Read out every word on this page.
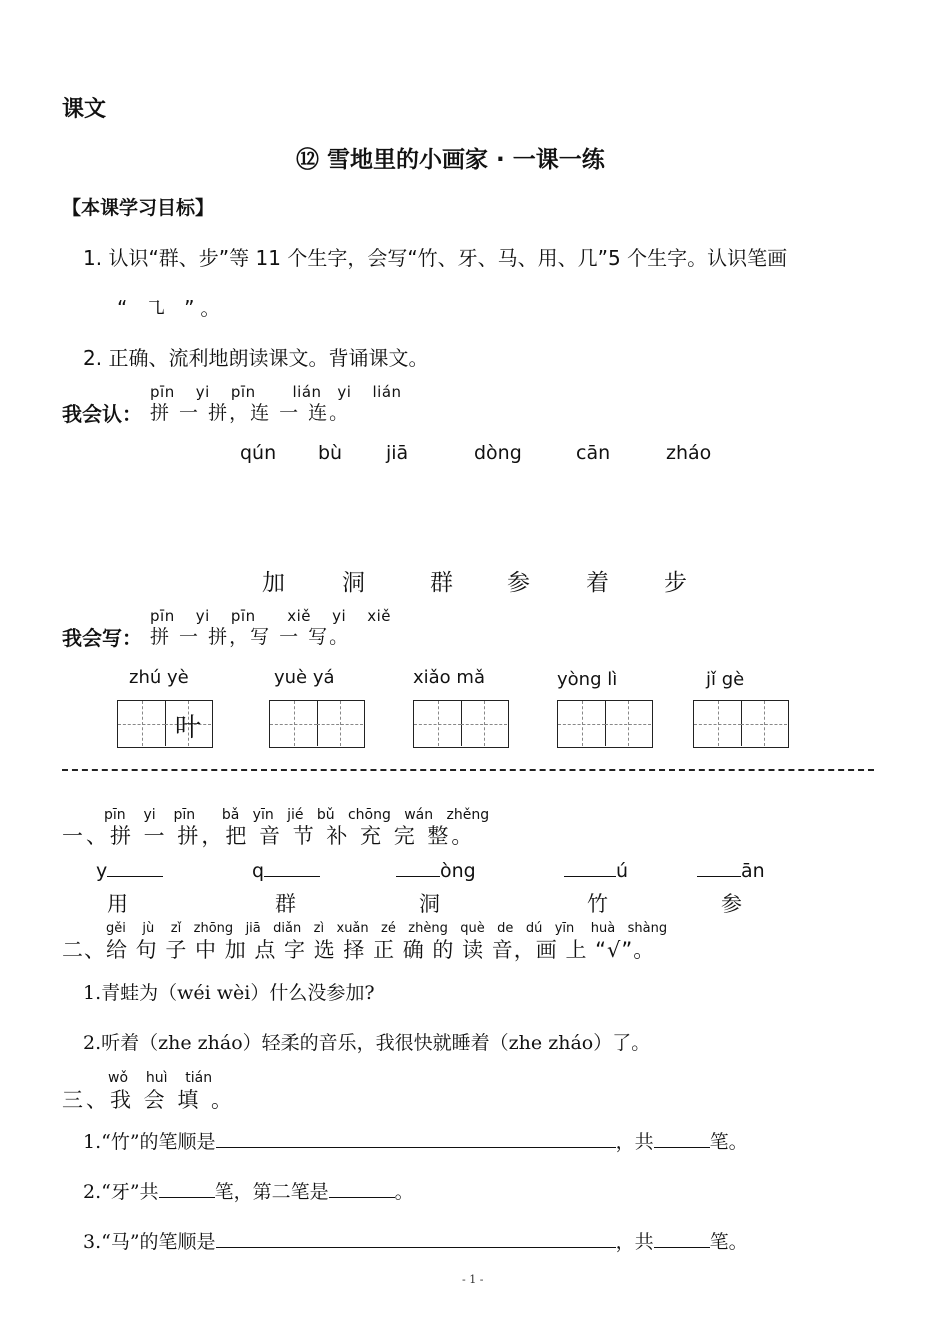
课文
⑫ 雪地里的小画家 · 一课一练
【本课学习目标】
1. 认识“群、步”等 11 个生字，会写“竹、牙、马、用、几”5 个生字。认识笔画
“ ㇈ ”。
2. 正确、流利地朗读课文。背诵课文。
pīn yi pīn lián yi lián
我会认： 拼 一 拼，连 一 连。
qún bù jiā	dòng	cān	zháo
加 洞	群 参 着 步
pīn yi pīn xiě yi xiě
我会写： 拼 一 拼，写 一 写。
zhú yè	yuè yá	xiǎo mǎ	yòng lì	jǐ gè
叶
pīn yi pīn bǎ yīn jié bǔ chōng wán zhěng
一、拼 一 拼，把 音 节 补 充 完 整。
y	q	òng	ú	ān
用	群	洞	竹	参
gěi jù zǐ zhōng jiā diǎn zì xuǎn zé zhèng què de dú yīn huà shàng
二、给 句 子 中 加 点 字 选 择 正 确 的 读 音，画 上 “√”。
1.青蛙为（wéi wèi）什么没参加?
2.听着（zhe zháo）轻柔的音乐，我很快就睡着（zhe zháo）了。
wǒ huì tián
三、我 会 填 。
1.“竹”的笔顺是	，共	笔。
2.“牙”共	笔，第二笔是	。
3.“马”的笔顺是	，共	笔。
- 1 -
